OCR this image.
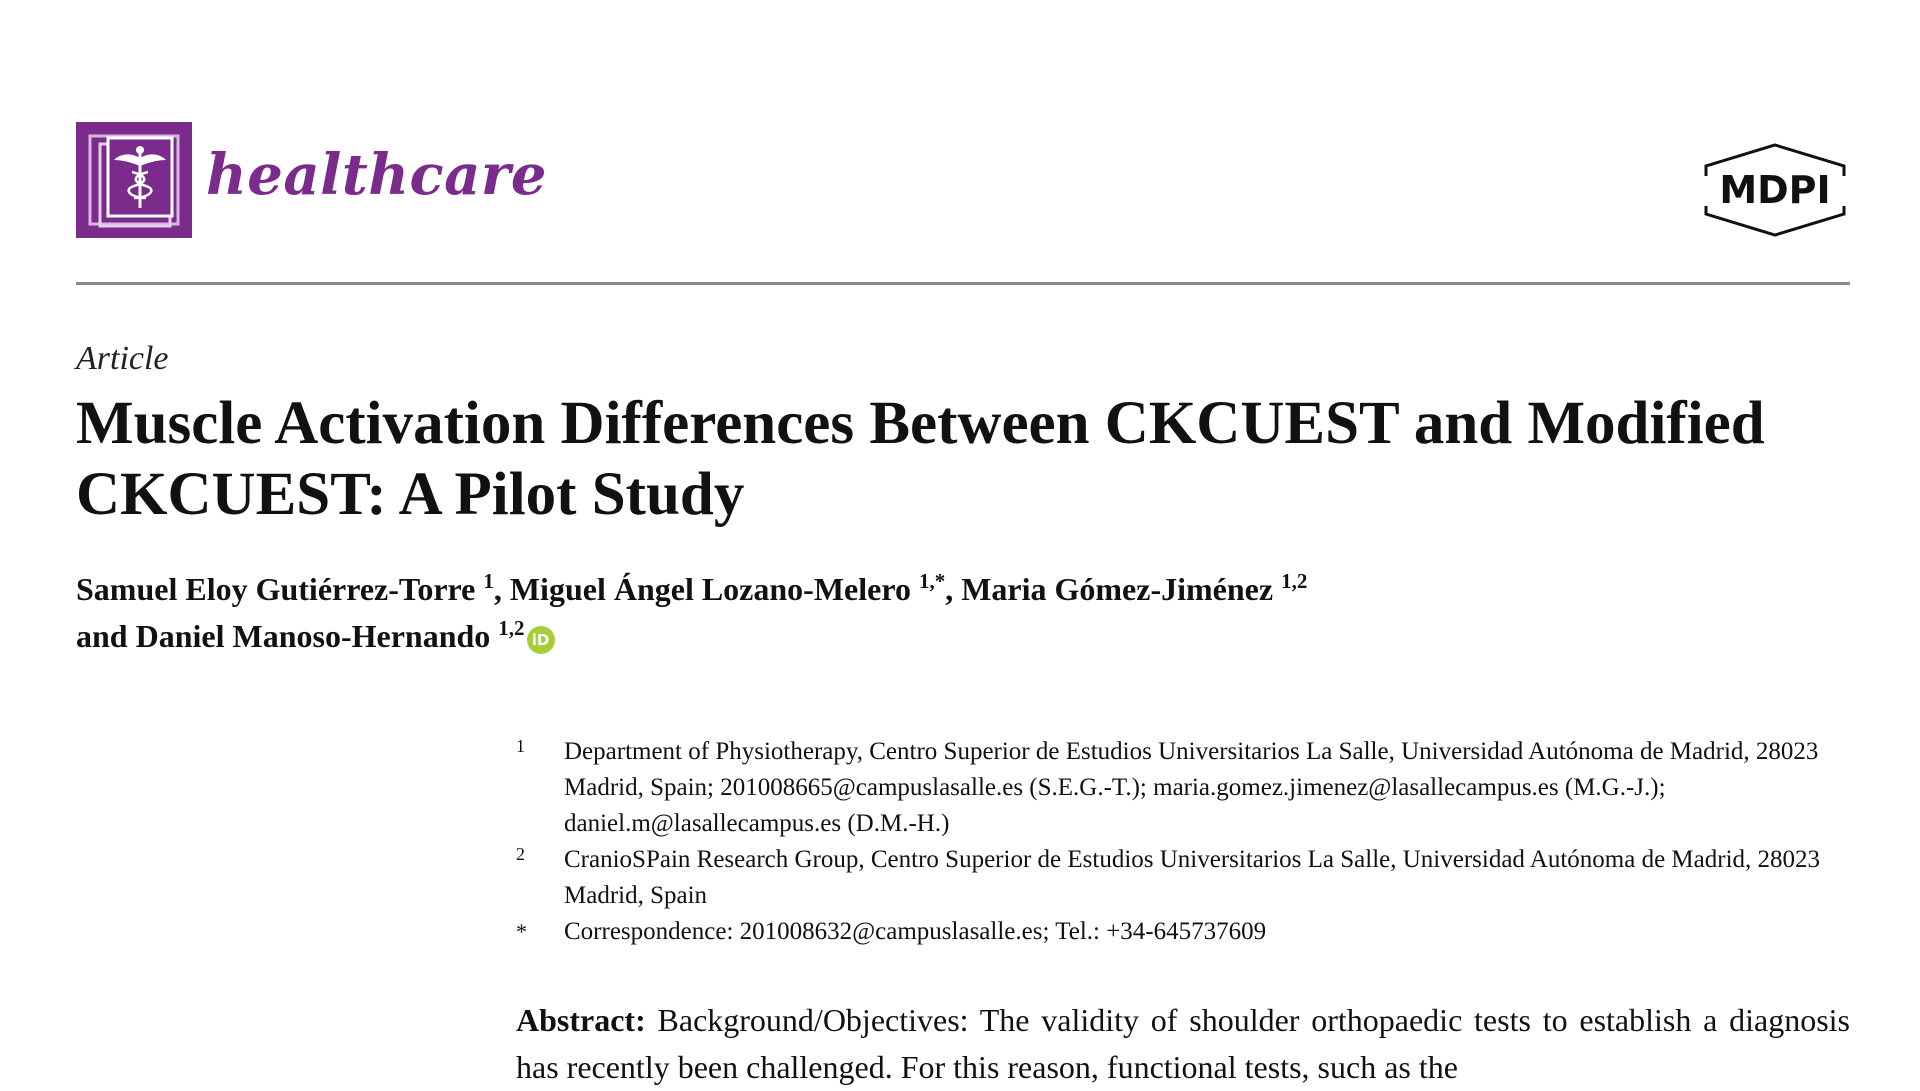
healthcare	MDPI
Article
Muscle Activation Differences Between CKCUEST and Modified CKCUEST: A Pilot Study
Samuel Eloy Gutiérrez-Torre $^1$, Miguel Ángel Lozano-Melero $^{1,*}$, Maria Gómez-Jiménez $^{1,2}$
and Daniel Manoso-Hernando $^{1,2}$ iD
1 Department of Physiotherapy, Centro Superior de Estudios Universitarios La Salle, Universidad Autónoma de Madrid, 28023 Madrid, Spain; 201008665@campuslasalle.es (S.E.G.-T.); maria.gomez.jimenez@lasallecampus.es (M.G.-J.); daniel.m@lasallecampus.es (D.M.-H.)
2 CranioSPain Research Group, Centro Superior de Estudios Universitarios La Salle, Universidad Autónoma de Madrid, 28023 Madrid, Spain
* Correspondence: 201008632@campuslasalle.es; Tel.: +34-645737609
Abstract: Background/Objectives: The validity of shoulder orthopaedic tests to establish a diagnosis has recently been challenged. For this reason, functional tests, such as the
